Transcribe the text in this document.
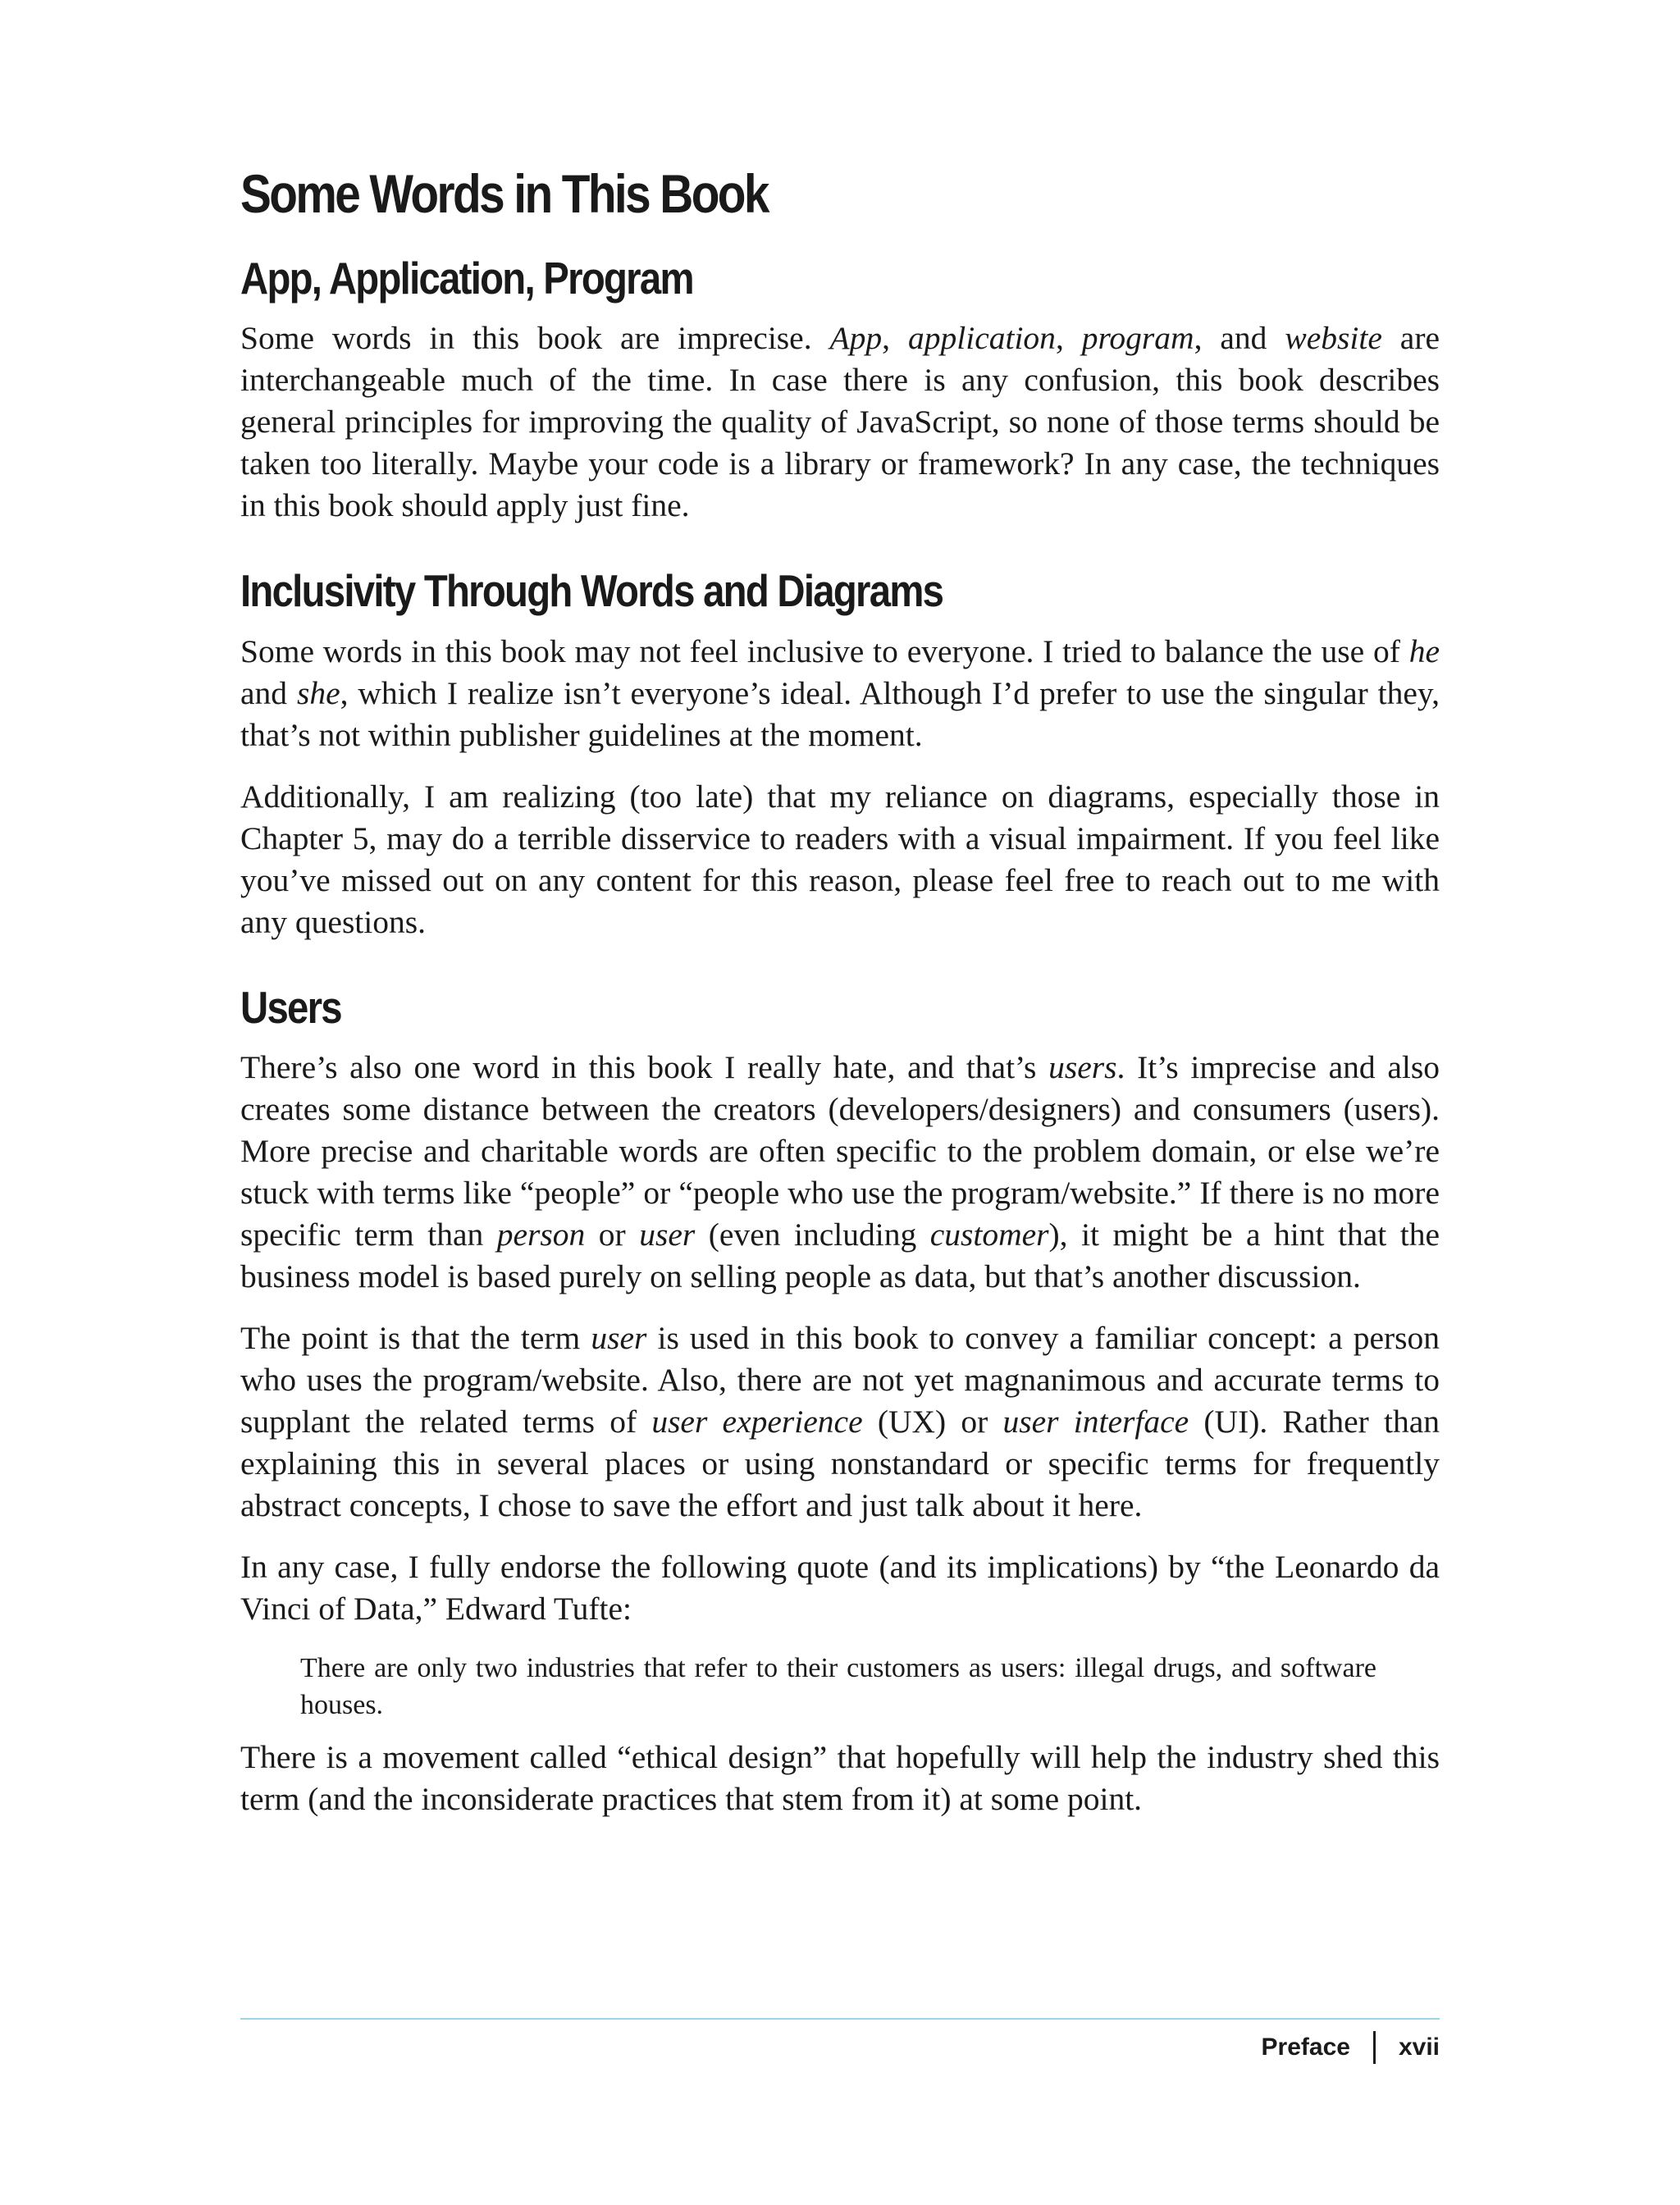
Some Words in This Book
App, Application, Program

Some words in this book are imprecise. App, application, program, and website are interchangeable much of the time. In case there is any confusion, this book describes general principles for improving the quality of JavaScript, so none of those terms should be taken too literally. Maybe your code is a library or framework? In any case, the techniques in this book should apply just fine.

Inclusivity Through Words and Diagrams

Some words in this book may not feel inclusive to everyone. I tried to balance the use of he and she, which I realize isn’t everyone’s ideal. Although I’d prefer to use the singular they, that’s not within publisher guidelines at the moment.

Additionally, I am realizing (too late) that my reliance on diagrams, especially those in Chapter 5, may do a terrible disservice to readers with a visual impairment. If you feel like you’ve missed out on any content for this reason, please feel free to reach out to me with any questions.

Users

There’s also one word in this book I really hate, and that’s users. It’s imprecise and also creates some distance between the creators (developers/designers) and consumers (users). More precise and charitable words are often specific to the problem domain, or else we’re stuck with terms like “people” or “people who use the program/website.” If there is no more specific term than person or user (even including customer), it might be a hint that the business model is based purely on selling people as data, but that’s another discussion.

The point is that the term user is used in this book to convey a familiar concept: a person who uses the program/website. Also, there are not yet magnanimous and accurate terms to supplant the related terms of user experience (UX) or user interface (UI). Rather than explaining this in several places or using nonstandard or specific terms for frequently abstract concepts, I chose to save the effort and just talk about it here.

In any case, I fully endorse the following quote (and its implications) by “the Leonardo da Vinci of Data,” Edward Tufte:

There are only two industries that refer to their customers as users: illegal drugs, and software houses.

There is a movement called “ethical design” that hopefully will help the industry shed this term (and the inconsiderate practices that stem from it) at some point.

Preface xvii
